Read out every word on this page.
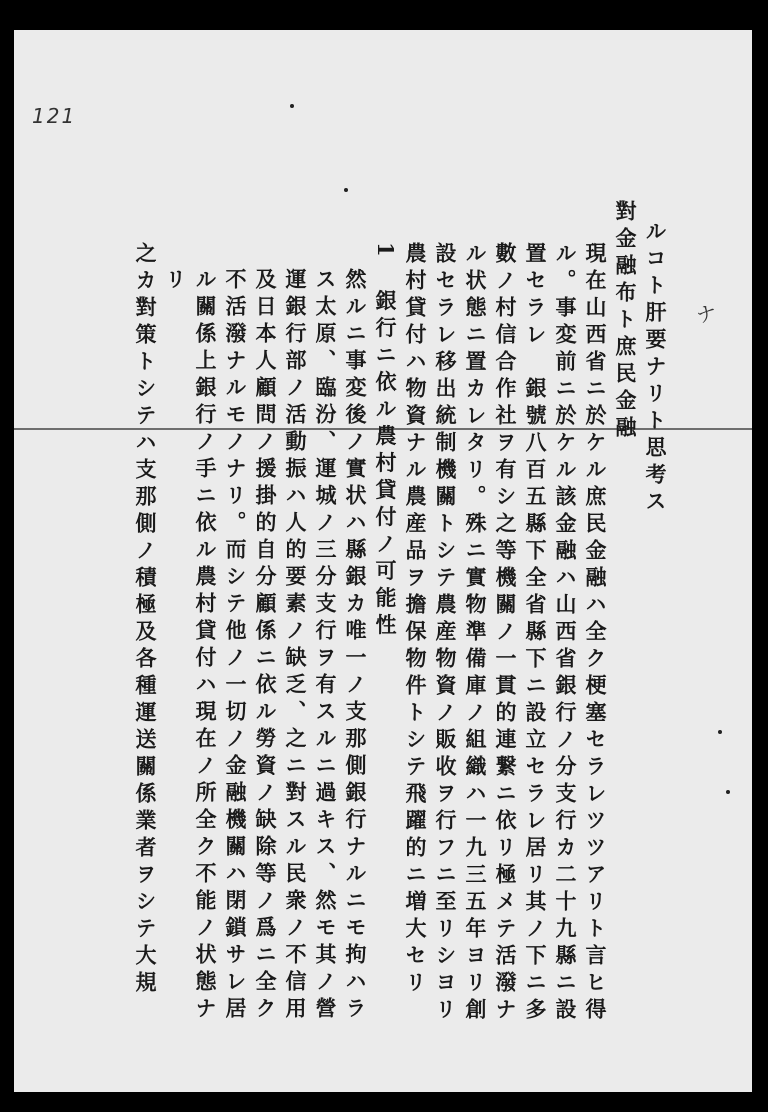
121
ナ
ルコト肝要ナリト思考ス
對金融布ト庶民金融
現在山西省ニ於ケル庶民金融ハ全ク梗塞セラレツツアリト言ヒ得
ル。事変前ニ於ケル該金融ハ山西省銀行ノ分支行カ二十九縣ニ設
置セラレ　銀號八百五縣下全省縣下ニ設立セラレ居リ其ノ下ニ多
數ノ村信合作社ヲ有シ之等機關ノ一貫的連繋ニ依リ極メテ活潑ナ
ル状態ニ置カレタリ。殊ニ實物準備庫ノ組織ハ一九三五年ヨリ創
設セラレ移出統制機關トシテ農産物資ノ販收ヲ行フニ至リシヨリ
農村貸付ハ物資ナル農産品ヲ擔保物件トシテ飛躍的ニ増大セリ
1　銀行ニ依ル農村貸付ノ可能性
然ルニ事変後ノ實状ハ縣銀カ唯一ノ支那側銀行ナルニモ拘ハラ
ス太原、臨汾、運城ノ三分支行ヲ有スルニ過キス、然モ其ノ營
運銀行部ノ活動振ハ人的要素ノ缺乏、之ニ對スル民衆ノ不信用
及日本人顧問ノ援掛的自分顧係ニ依ル勞資ノ缺除等ノ爲ニ全ク
不活潑ナルモノナリ。而シテ他ノ一切ノ金融機關ハ閉鎖サレ居
ル關係上銀行ノ手ニ依ル農村貸付ハ現在ノ所全ク不能ノ状態ナ
リ
之カ對策トシテハ支那側ノ積極及各種運送關係業者ヲシテ大規
